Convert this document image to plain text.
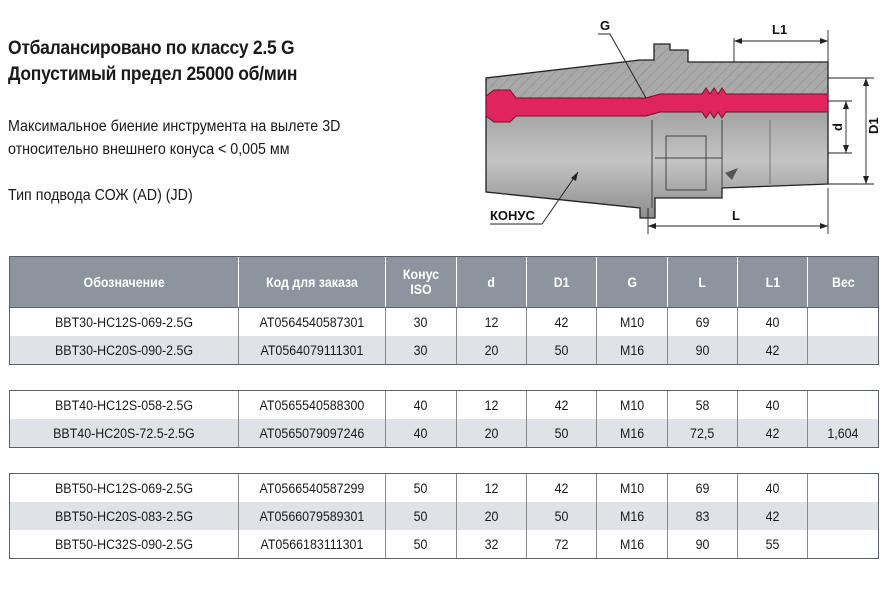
Отбалансировано по классу 2.5 G
Допустимый предел 25000 об/мин
Максимальное биение инструмента на вылете 3D
относительно внешнего конуса < 0,005 мм
Тип подвода СОЖ (AD) (JD)
G	L1
D1
d
L
КОНУС
Обозначение	Код для заказа	Конус ISO	d	D1	G	L	L1	Вес
BBT30-HC12S-069-2.5G	AT0564540587301	30	12	42	M10	69	40	
BBT30-HC20S-090-2.5G	AT0564079111301	30	20	50	M16	90	42	

BBT40-HC12S-058-2.5G	AT0565540588300	40	12	42	M10	58	40	
BBT40-HC20S-72.5-2.5G	AT0565079097246	40	20	50	M16	72,5	42	1,604

BBT50-HC12S-069-2.5G	AT0566540587299	50	12	42	M10	69	40	
BBT50-HC20S-083-2.5G	AT0566079589301	50	20	50	M16	83	42	
BBT50-HC32S-090-2.5G	AT0566183111301	50	32	72	M16	90	55	
